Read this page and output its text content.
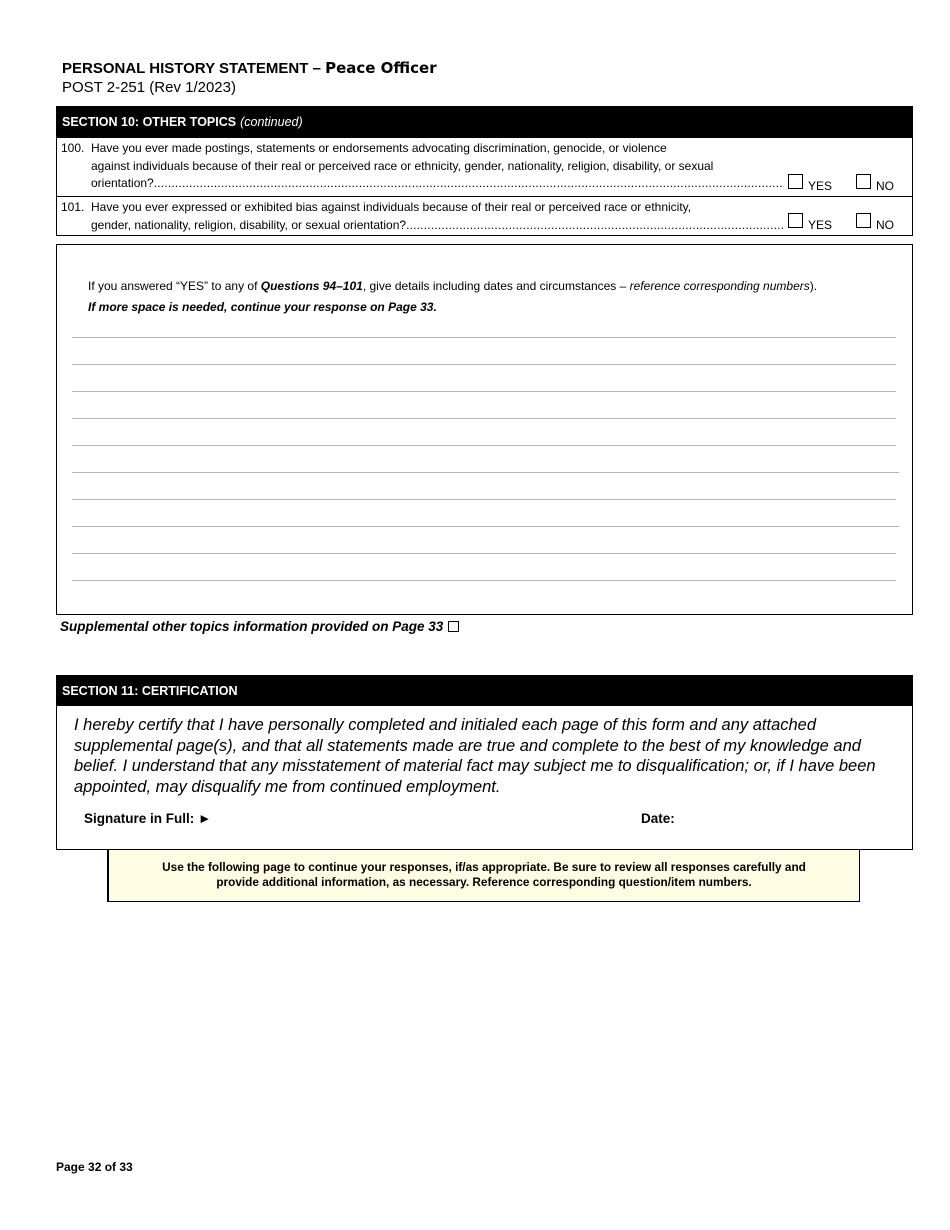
PERSONAL HISTORY STATEMENT – Peace Officer
POST 2-251 (Rev 1/2023)
SECTION 10: OTHER TOPICS (continued)
100. Have you ever made postings, statements or endorsements advocating discrimination, genocide, or violence
against individuals because of their real or perceived race or ethnicity, gender, nationality, religion, disability, or sexual
orientation? .....	YES	NO
101. Have you ever expressed or exhibited bias against individuals because of their real or perceived race or ethnicity,
gender, nationality, religion, disability, or sexual orientation? .....	YES	NO
If you answered “YES” to any of Questions 94–101, give details including dates and circumstances – reference corresponding numbers).
If more space is needed, continue your response on Page 33.
Supplemental other topics information provided on Page 33
SECTION 11: CERTIFICATION
I hereby certify that I have personally completed and initialed each page of this form and any attached supplemental page(s), and that all statements made are true and complete to the best of my knowledge and belief. I understand that any misstatement of material fact may subject me to disqualification; or, if I have been appointed, may disqualify me from continued employment.
Signature in Full: ►	Date:
Use the following page to continue your responses, if/as appropriate. Be sure to review all responses carefully and
provide additional information, as necessary. Reference corresponding question/item numbers.
Page 32 of 33
